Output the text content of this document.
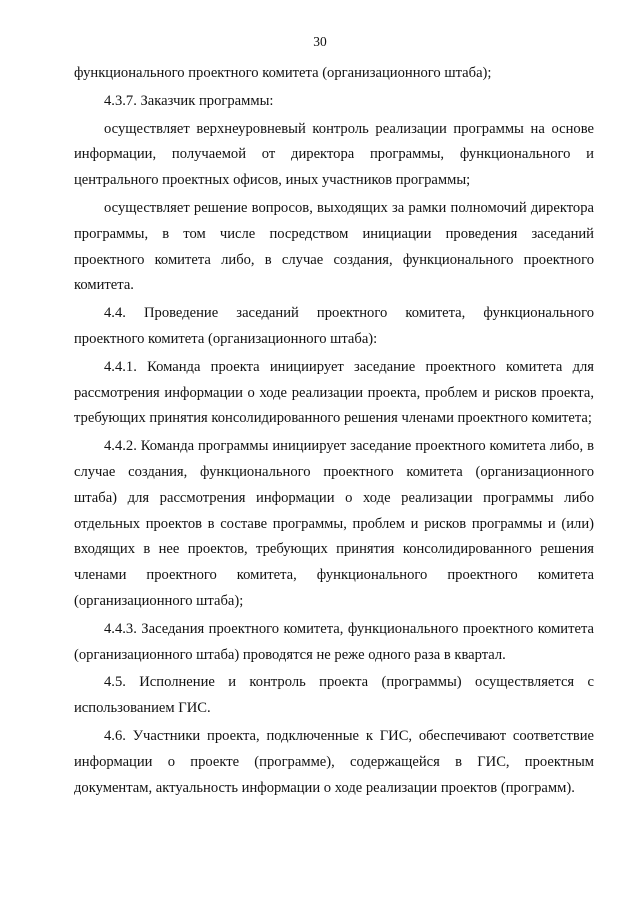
30

функционального проектного комитета (организационного штаба);

4.3.7. Заказчик программы:

осуществляет верхнеуровневый контроль реализации программы на основе информации, получаемой от директора программы, функционального и центрального проектных офисов, иных участников программы;

осуществляет решение вопросов, выходящих за рамки полномочий директора программы, в том числе посредством инициации проведения заседаний проектного комитета либо, в случае создания, функционального проектного комитета.

4.4. Проведение заседаний проектного комитета, функционального проектного комитета (организационного штаба):

4.4.1. Команда проекта инициирует заседание проектного комитета для рассмотрения информации о ходе реализации проекта, проблем и рисков проекта, требующих принятия консолидированного решения членами проектного комитета;

4.4.2. Команда программы инициирует заседание проектного комитета либо, в случае создания, функционального проектного комитета (организационного штаба) для рассмотрения информации о ходе реализации программы либо отдельных проектов в составе программы, проблем и рисков программы и (или) входящих в нее проектов, требующих принятия консолидированного решения членами проектного комитета, функционального проектного комитета (организационного штаба);

4.4.3. Заседания проектного комитета, функционального проектного комитета (организационного штаба) проводятся не реже одного раза в квартал.

4.5. Исполнение и контроль проекта (программы) осуществляется с использованием ГИС.

4.6. Участники проекта, подключенные к ГИС, обеспечивают соответствие информации о проекте (программе), содержащейся в ГИС, проектным документам, актуальность информации о ходе реализации проектов (программ).
